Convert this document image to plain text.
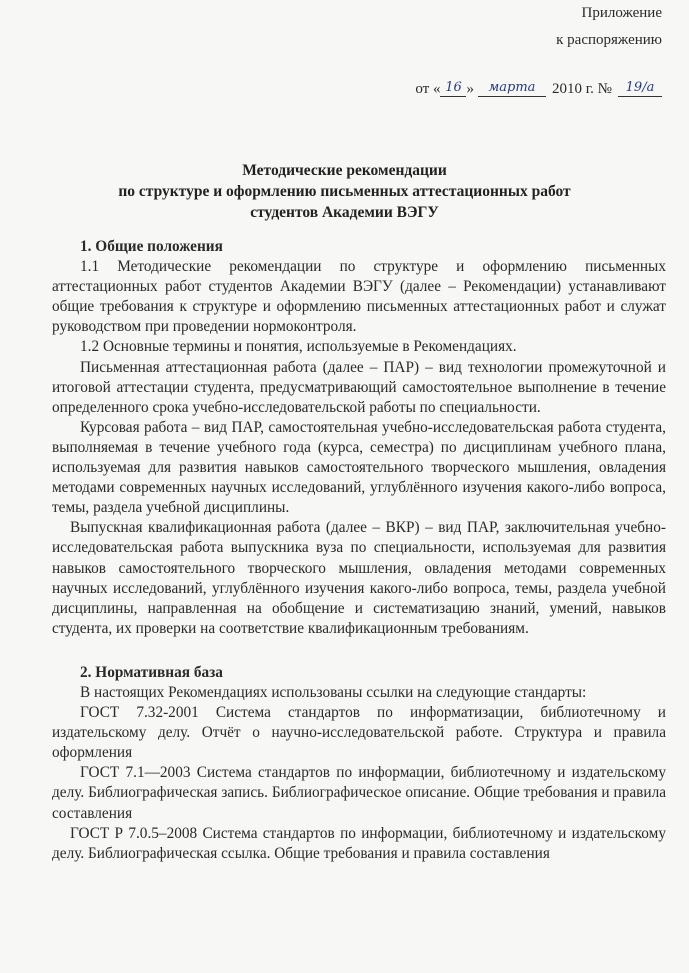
Приложение
к распоряжению
от « 16 »	марта	2010 г. №	19/а
Методические рекомендации
по структуре и оформлению письменных аттестационных работ
студентов Академии ВЭГУ
1. Общие положения
1.1 Методические рекомендации по структуре и оформлению письменных аттестационных работ студентов Академии ВЭГУ (далее – Рекомендации) устанавливают общие требования к структуре и оформлению письменных аттестационных работ и служат руководством при проведении нормоконтроля.
1.2 Основные термины и понятия, используемые в Рекомендациях.
Письменная аттестационная работа (далее – ПАР) – вид технологии промежуточной и итоговой аттестации студента, предусматривающий самостоятельное выполнение в течение определенного срока учебно-исследовательской работы по специальности.
Курсовая работа – вид ПАР, самостоятельная учебно-исследовательская работа студента, выполняемая в течение учебного года (курса, семестра) по дисциплинам учебного плана, используемая для развития навыков самостоятельного творческого мышления, овладения методами современных научных исследований, углублённого изучения какого-либо вопроса, темы, раздела учебной дисциплины.
Выпускная квалификационная работа (далее – ВКР) – вид ПАР, заключительная учебно-исследовательская работа выпускника вуза по специальности, используемая для развития навыков самостоятельного творческого мышления, овладения методами современных научных исследований, углублённого изучения какого-либо вопроса, темы, раздела учебной дисциплины, направленная на обобщение и систематизацию знаний, умений, навыков студента, их проверки на соответствие квалификационным требованиям.
2. Нормативная база
В настоящих Рекомендациях использованы ссылки на следующие стандарты:
ГОСТ 7.32-2001 Система стандартов по информатизации, библиотечному и издательскому делу. Отчёт о научно-исследовательской работе. Структура и правила оформления
ГОСТ 7.1—2003 Система стандартов по информации, библиотечному и издательскому делу. Библиографическая запись. Библиографическое описание. Общие требования и правила составления
ГОСТ Р 7.0.5–2008 Система стандартов по информации, библиотечному и издательскому делу. Библиографическая ссылка. Общие требования и правила составления
